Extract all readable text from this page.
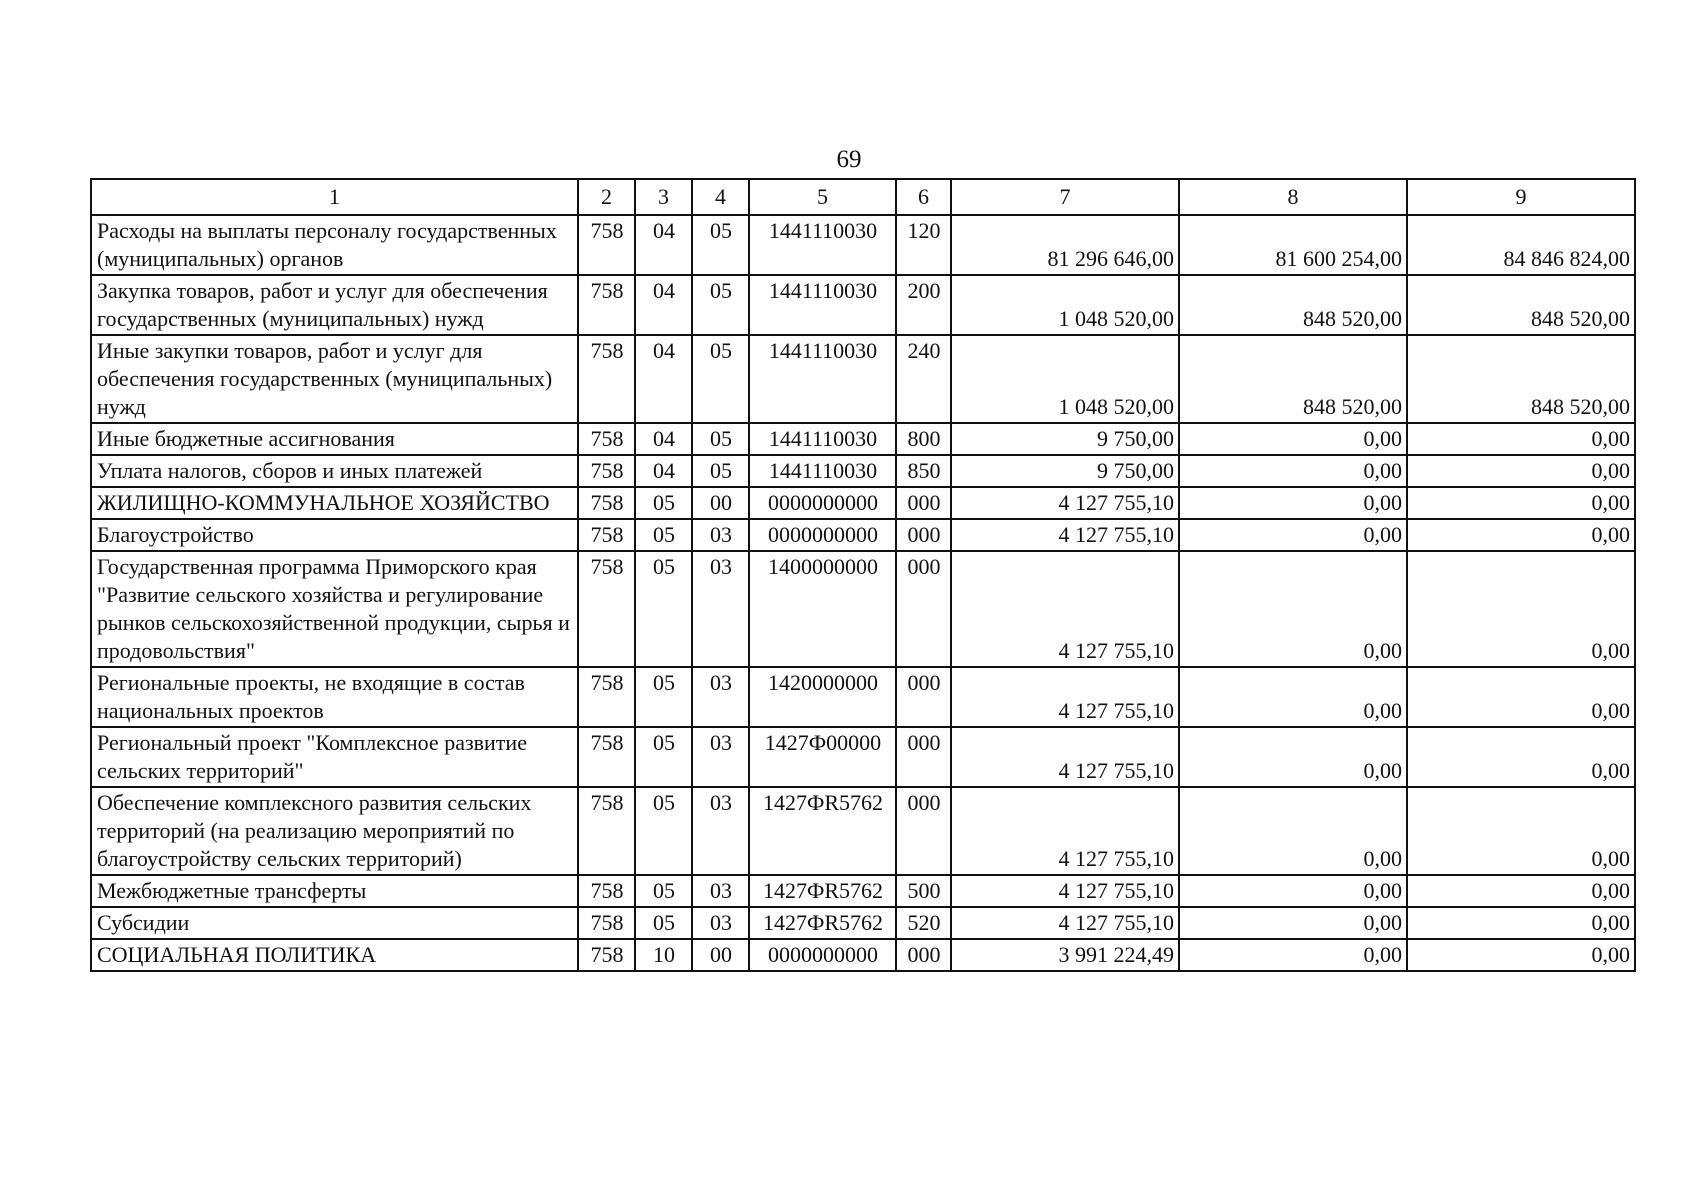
69
1	2	3	4	5	6	7	8	9
Расходы на выплаты персоналу государственных (муниципальных) органов	758	04	05	1441110030	120	81 296 646,00	81 600 254,00	84 846 824,00
Закупка товаров, работ и услуг для обеспечения государственных (муниципальных) нужд	758	04	05	1441110030	200	1 048 520,00	848 520,00	848 520,00
Иные закупки товаров, работ и услуг для обеспечения государственных (муниципальных) нужд	758	04	05	1441110030	240	1 048 520,00	848 520,00	848 520,00
Иные бюджетные ассигнования	758	04	05	1441110030	800	9 750,00	0,00	0,00
Уплата налогов, сборов и иных платежей	758	04	05	1441110030	850	9 750,00	0,00	0,00
ЖИЛИЩНО-КОММУНАЛЬНОЕ ХОЗЯЙСТВО	758	05	00	0000000000	000	4 127 755,10	0,00	0,00
Благоустройство	758	05	03	0000000000	000	4 127 755,10	0,00	0,00
Государственная программа Приморского края "Развитие сельского хозяйства и регулирование рынков сельскохозяйственной продукции, сырья и продовольствия"	758	05	03	1400000000	000	4 127 755,10	0,00	0,00
Региональные проекты, не входящие в состав национальных проектов	758	05	03	1420000000	000	4 127 755,10	0,00	0,00
Региональный проект "Комплексное развитие сельских территорий"	758	05	03	1427Ф00000	000	4 127 755,10	0,00	0,00
Обеспечение комплексного развития сельских территорий (на реализацию мероприятий по благоустройству сельских территорий)	758	05	03	1427ФR5762	000	4 127 755,10	0,00	0,00
Межбюджетные трансферты	758	05	03	1427ФR5762	500	4 127 755,10	0,00	0,00
Субсидии	758	05	03	1427ФR5762	520	4 127 755,10	0,00	0,00
СОЦИАЛЬНАЯ ПОЛИТИКА	758	10	00	0000000000	000	3 991 224,49	0,00	0,00
